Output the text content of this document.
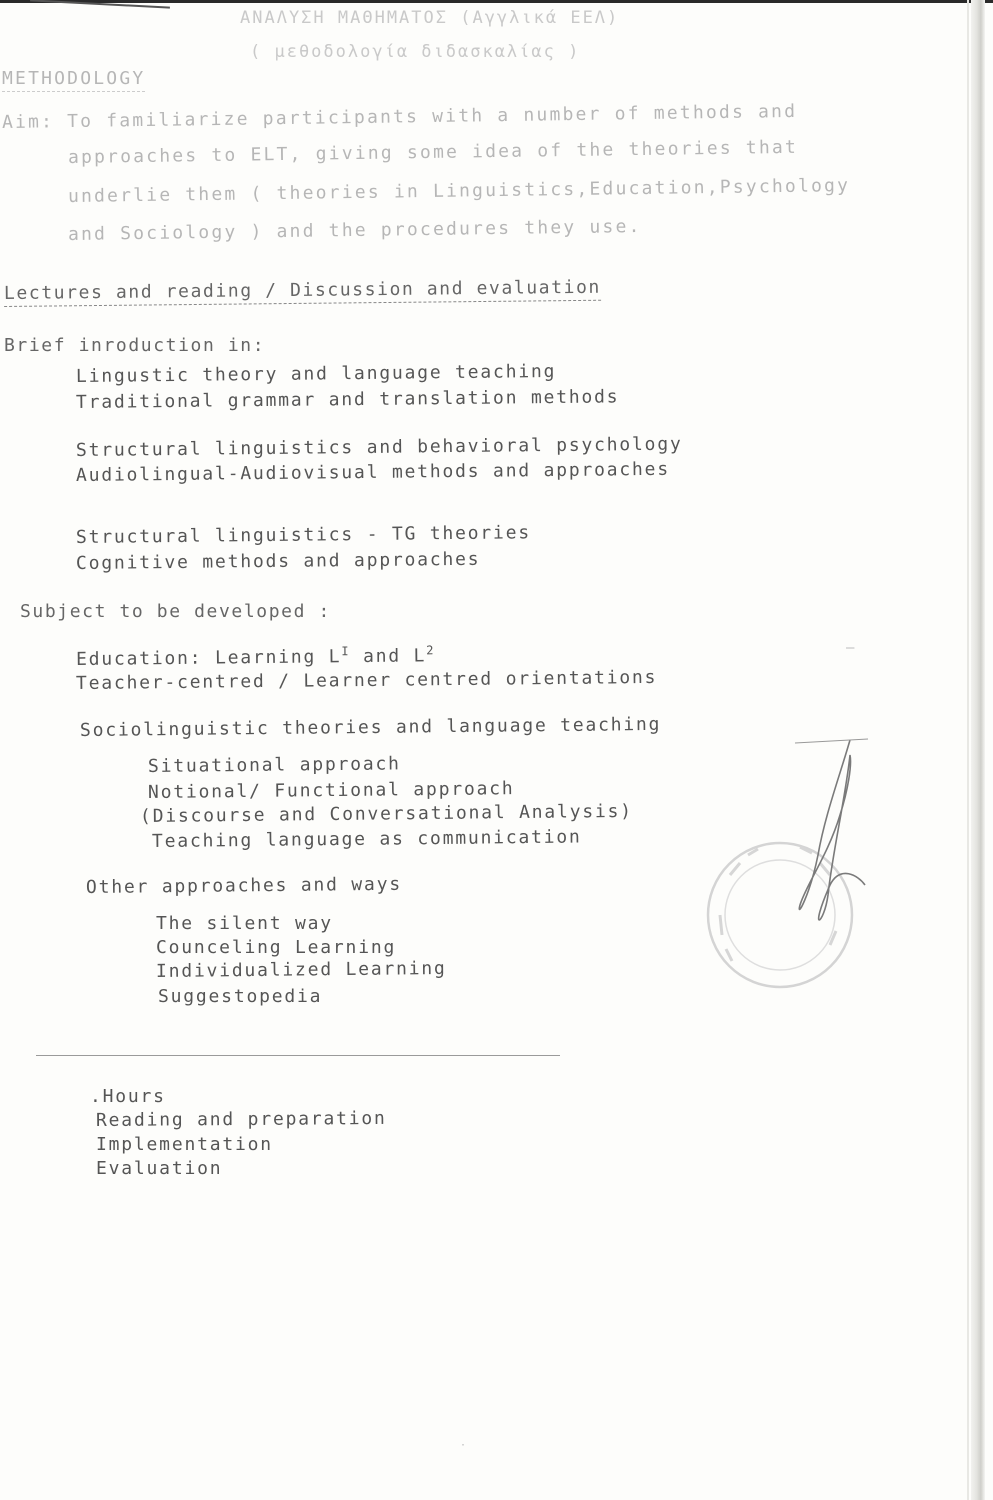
ΑΝΑΛΥΣΗ ΜΑΘΗΜΑΤΟΣ (Αγγλικά ΕΕΛ)
( μεθοδολογία διδασκαλίας )
METHODOLOGY
Aim: To familiarize participants with a number of methods and
approaches to ELT, giving some idea of the theories that
underlie them ( theories in Linguistics,Education,Psychology
and Sociology ) and the procedures they use.
Lectures and reading / Discussion and evaluation
Brief inroduction in:
Lingustic theory and language teaching
Traditional grammar and translation methods
Structural linguistics and behavioral psychology
Audiolingual-Audiovisual methods and approaches
Structural linguistics - TG theories
Cognitive methods and approaches
Subject to be developed :
Education: Learning $L^I$ and $L^2$
Teacher-centred / Learner centred orientations
Sociolinguistic theories and language teaching
Situational approach
Notional/ Functional approach
(Discourse and Conversational Analysis)
Teaching language as communication
Other approaches and ways
The silent way
Counceling Learning
Individualized Learning
Suggestopedia
.Hours
Reading and preparation
Implementation
Evaluation
—
·
